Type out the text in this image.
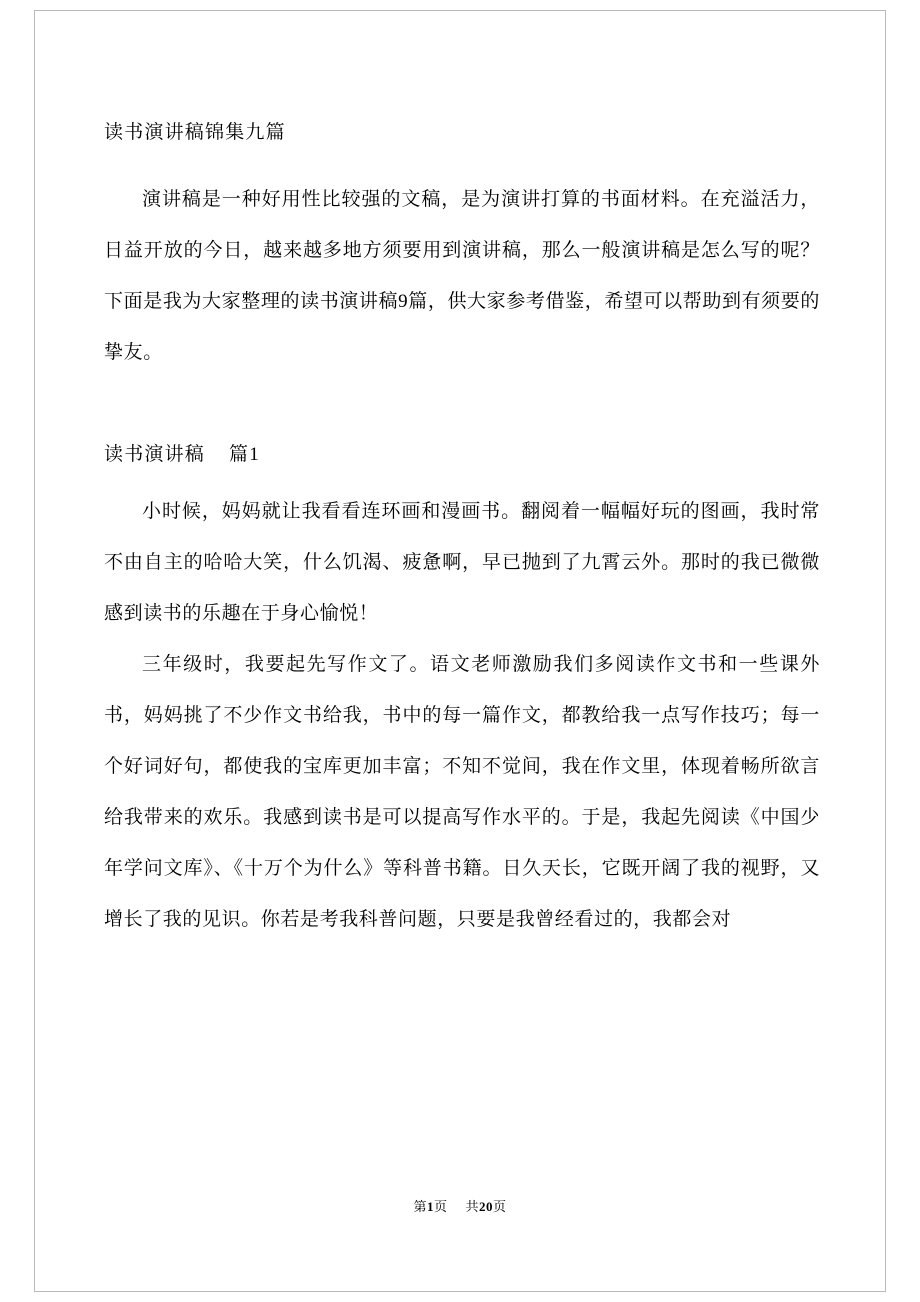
读书演讲稿锦集九篇

演讲稿是一种好用性比较强的文稿，是为演讲打算的书面材料。在充溢活力，日益开放的今日，越来越多地方须要用到演讲稿，那么一般演讲稿是怎么写的呢？下面是我为大家整理的读书演讲稿9篇，供大家参考借鉴，希望可以帮助到有须要的挚友。

读书演讲稿 篇1

小时候，妈妈就让我看看连环画和漫画书。翻阅着一幅幅好玩的图画，我时常不由自主的哈哈大笑，什么饥渴、疲惫啊，早已抛到了九霄云外。那时的我已微微感到读书的乐趣在于身心愉悦！

三年级时，我要起先写作文了。语文老师激励我们多阅读作文书和一些课外书，妈妈挑了不少作文书给我，书中的每一篇作文，都教给我一点写作技巧；每一个好词好句，都使我的宝库更加丰富；不知不觉间，我在作文里，体现着畅所欲言给我带来的欢乐。我感到读书是可以提高写作水平的。于是，我起先阅读《中国少年学问文库》、《十万个为什么》等科普书籍。日久天长，它既开阔了我的视野，又增长了我的见识。你若是考我科普问题，只要是我曾经看过的，我都会对

第1页 共20页
